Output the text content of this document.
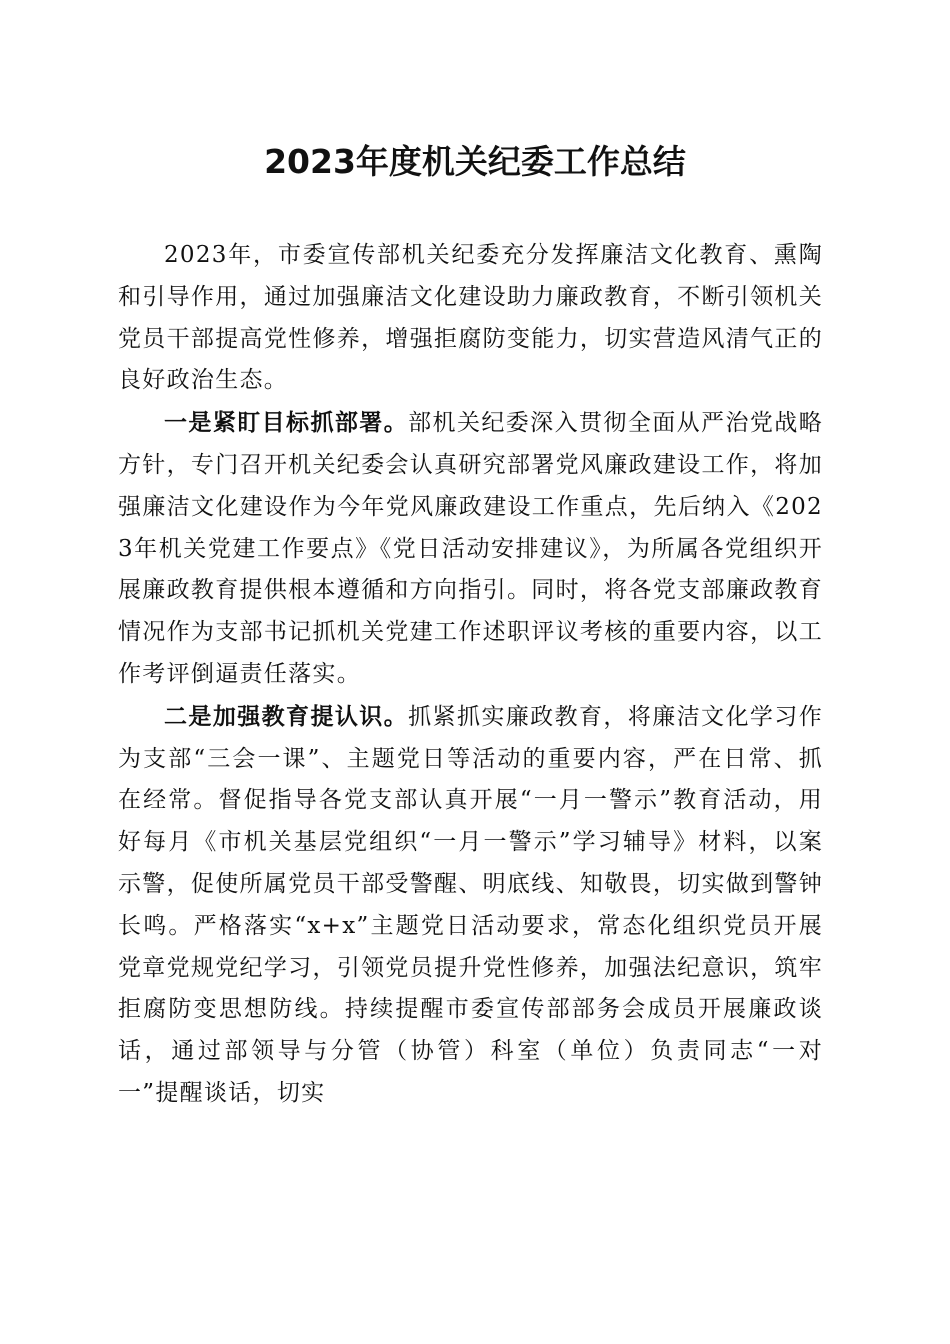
2023年度机关纪委工作总结

2023年，市委宣传部机关纪委充分发挥廉洁文化教育、熏陶和引导作用，通过加强廉洁文化建设助力廉政教育，不断引领机关党员干部提高党性修养，增强拒腐防变能力，切实营造风清气正的良好政治生态。

一是紧盯目标抓部署。部机关纪委深入贯彻全面从严治党战略方针，专门召开机关纪委会认真研究部署党风廉政建设工作，将加强廉洁文化建设作为今年党风廉政建设工作重点，先后纳入《2023年机关党建工作要点》《党日活动安排建议》，为所属各党组织开展廉政教育提供根本遵循和方向指引。同时，将各党支部廉政教育情况作为支部书记抓机关党建工作述职评议考核的重要内容，以工作考评倒逼责任落实。

二是加强教育提认识。抓紧抓实廉政教育，将廉洁文化学习作为支部“三会一课”、主题党日等活动的重要内容，严在日常、抓在经常。督促指导各党支部认真开展“一月一警示”教育活动，用好每月《市机关基层党组织“一月一警示”学习辅导》材料，以案示警，促使所属党员干部受警醒、明底线、知敬畏，切实做到警钟长鸣。严格落实“x+x”主题党日活动要求，常态化组织党员开展党章党规党纪学习，引领党员提升党性修养，加强法纪意识，筑牢拒腐防变思想防线。持续提醒市委宣传部部务会成员开展廉政谈话，通过部领导与分管（协管）科室（单位）负责同志“一对一”提醒谈话，切实
